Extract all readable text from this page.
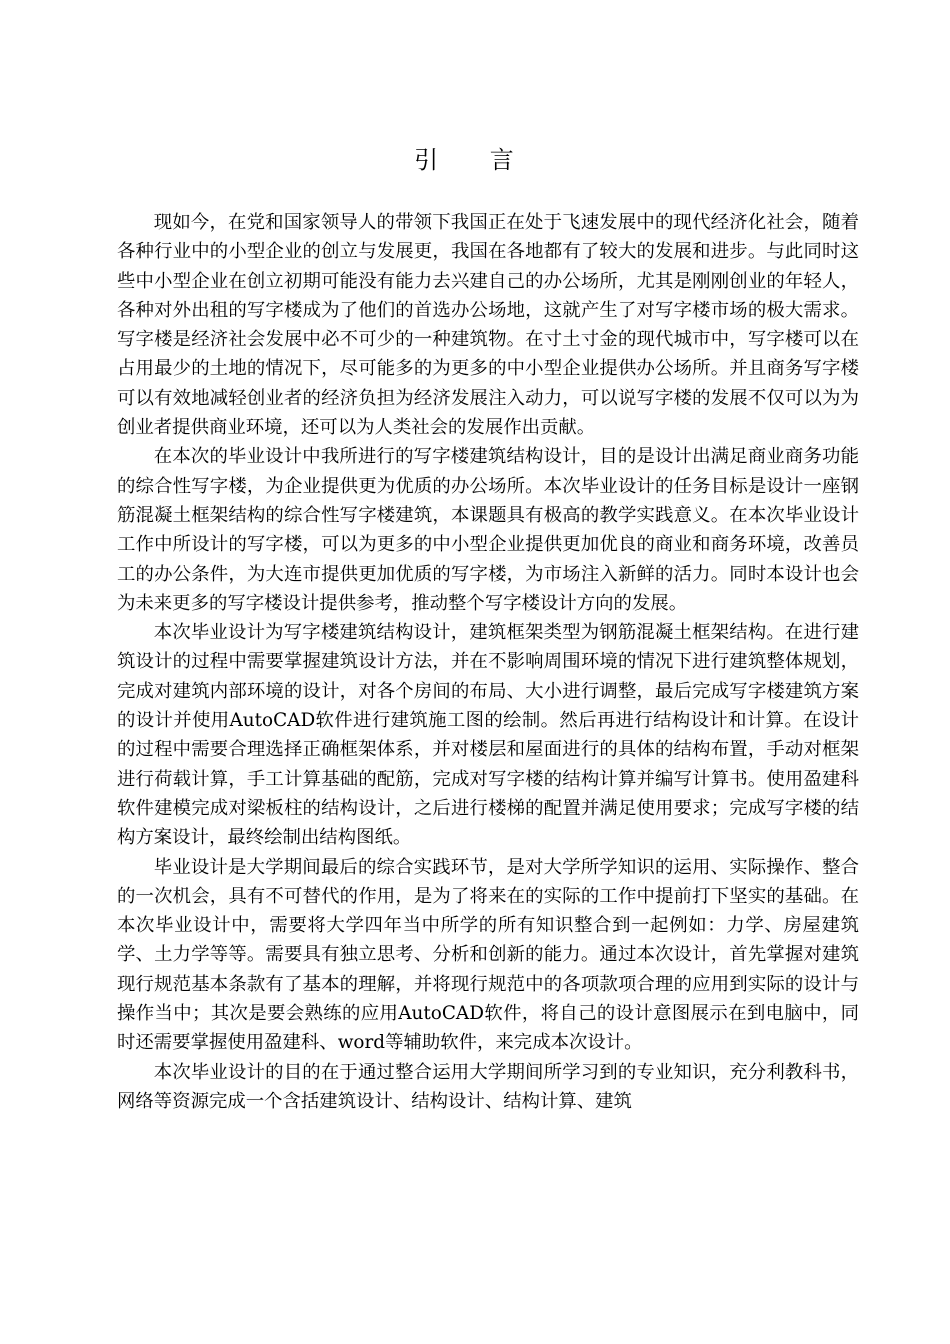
引 言

现如今，在党和国家领导人的带领下我国正在处于飞速发展中的现代经济化社会，随着各种行业中的小型企业的创立与发展更，我国在各地都有了较大的发展和进步。与此同时这些中小型企业在创立初期可能没有能力去兴建自己的办公场所，尤其是刚刚创业的年轻人，各种对外出租的写字楼成为了他们的首选办公场地，这就产生了对写字楼市场的极大需求。写字楼是经济社会发展中必不可少的一种建筑物。在寸土寸金的现代城市中，写字楼可以在占用最少的土地的情况下，尽可能多的为更多的中小型企业提供办公场所。并且商务写字楼可以有效地减轻创业者的经济负担为经济发展注入动力，可以说写字楼的发展不仅可以为为创业者提供商业环境，还可以为人类社会的发展作出贡献。

在本次的毕业设计中我所进行的写字楼建筑结构设计，目的是设计出满足商业商务功能的综合性写字楼，为企业提供更为优质的办公场所。本次毕业设计的任务目标是设计一座钢筋混凝土框架结构的综合性写字楼建筑，本课题具有极高的教学实践意义。在本次毕业设计工作中所设计的写字楼，可以为更多的中小型企业提供更加优良的商业和商务环境，改善员工的办公条件，为大连市提供更加优质的写字楼，为市场注入新鲜的活力。同时本设计也会为未来更多的写字楼设计提供参考，推动整个写字楼设计方向的发展。

本次毕业设计为写字楼建筑结构设计，建筑框架类型为钢筋混凝土框架结构。在进行建筑设计的过程中需要掌握建筑设计方法，并在不影响周围环境的情况下进行建筑整体规划，完成对建筑内部环境的设计，对各个房间的布局、大小进行调整，最后完成写字楼建筑方案的设计并使用AutoCAD软件进行建筑施工图的绘制。然后再进行结构设计和计算。在设计的过程中需要合理选择正确框架体系，并对楼层和屋面进行的具体的结构布置，手动对框架进行荷载计算，手工计算基础的配筋，完成对写字楼的结构计算并编写计算书。使用盈建科软件建模完成对梁板柱的结构设计，之后进行楼梯的配置并满足使用要求；完成写字楼的结构方案设计，最终绘制出结构图纸。

毕业设计是大学期间最后的综合实践环节，是对大学所学知识的运用、实际操作、整合的一次机会，具有不可替代的作用，是为了将来在的实际的工作中提前打下坚实的基础。在本次毕业设计中，需要将大学四年当中所学的所有知识整合到一起例如：力学、房屋建筑学、土力学等等。需要具有独立思考、分析和创新的能力。通过本次设计，首先掌握对建筑现行规范基本条款有了基本的理解，并将现行规范中的各项款项合理的应用到实际的设计与操作当中；其次是要会熟练的应用AutoCAD软件，将自己的设计意图展示在到电脑中，同时还需要掌握使用盈建科、word等辅助软件，来完成本次设计。

本次毕业设计的目的在于通过整合运用大学期间所学习到的专业知识，充分利教科书，网络等资源完成一个含括建筑设计、结构设计、结构计算、建筑
